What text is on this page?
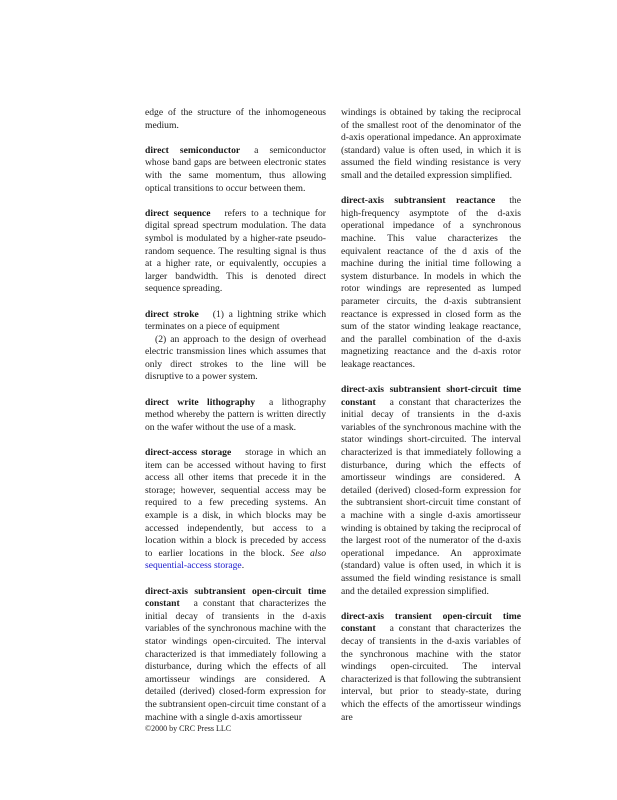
edge of the structure of the inhomogeneous medium.

direct semiconductor a semiconductor whose band gaps are between electronic states with the same momentum, thus allowing optical transitions to occur between them.

direct sequence refers to a technique for digital spread spectrum modulation. The data symbol is modulated by a higher-rate pseudo-random sequence. The resulting signal is thus at a higher rate, or equivalently, occupies a larger bandwidth. This is denoted direct sequence spreading.

direct stroke (1) a lightning strike which terminates on a piece of equipment
(2) an approach to the design of overhead electric transmission lines which assumes that only direct strokes to the line will be disruptive to a power system.

direct write lithography a lithography method whereby the pattern is written directly on the wafer without the use of a mask.

direct-access storage storage in which an item can be accessed without having to first access all other items that precede it in the storage; however, sequential access may be required to a few preceding systems. An example is a disk, in which blocks may be accessed independently, but access to a location within a block is preceded by access to earlier locations in the block. See also sequential-access storage.

direct-axis subtransient open-circuit time constant a constant that characterizes the initial decay of transients in the d-axis variables of the synchronous machine with the stator windings open-circuited. The interval characterized is that immediately following a disturbance, during which the effects of all amortisseur windings are considered. A detailed (derived) closed-form expression for the subtransient open-circuit time constant of a machine with a single d-axis amortisseur

windings is obtained by taking the reciprocal of the smallest root of the denominator of the d-axis operational impedance. An approximate (standard) value is often used, in which it is assumed the field winding resistance is very small and the detailed expression simplified.

direct-axis subtransient reactance the high-frequency asymptote of the d-axis operational impedance of a synchronous machine. This value characterizes the equivalent reactance of the d axis of the machine during the initial time following a system disturbance. In models in which the rotor windings are represented as lumped parameter circuits, the d-axis subtransient reactance is expressed in closed form as the sum of the stator winding leakage reactance, and the parallel combination of the d-axis magnetizing reactance and the d-axis rotor leakage reactances.

direct-axis subtransient short-circuit time constant a constant that characterizes the initial decay of transients in the d-axis variables of the synchronous machine with the stator windings short-circuited. The interval characterized is that immediately following a disturbance, during which the effects of amortisseur windings are considered. A detailed (derived) closed-form expression for the subtransient short-circuit time constant of a machine with a single d-axis amortisseur winding is obtained by taking the reciprocal of the largest root of the numerator of the d-axis operational impedance. An approximate (standard) value is often used, in which it is assumed the field winding resistance is small and the detailed expression simplified.

direct-axis transient open-circuit time constant a constant that characterizes the decay of transients in the d-axis variables of the synchronous machine with the stator windings open-circuited. The interval characterized is that following the subtransient interval, but prior to steady-state, during which the effects of the amortisseur windings are

©2000 by CRC Press LLC
